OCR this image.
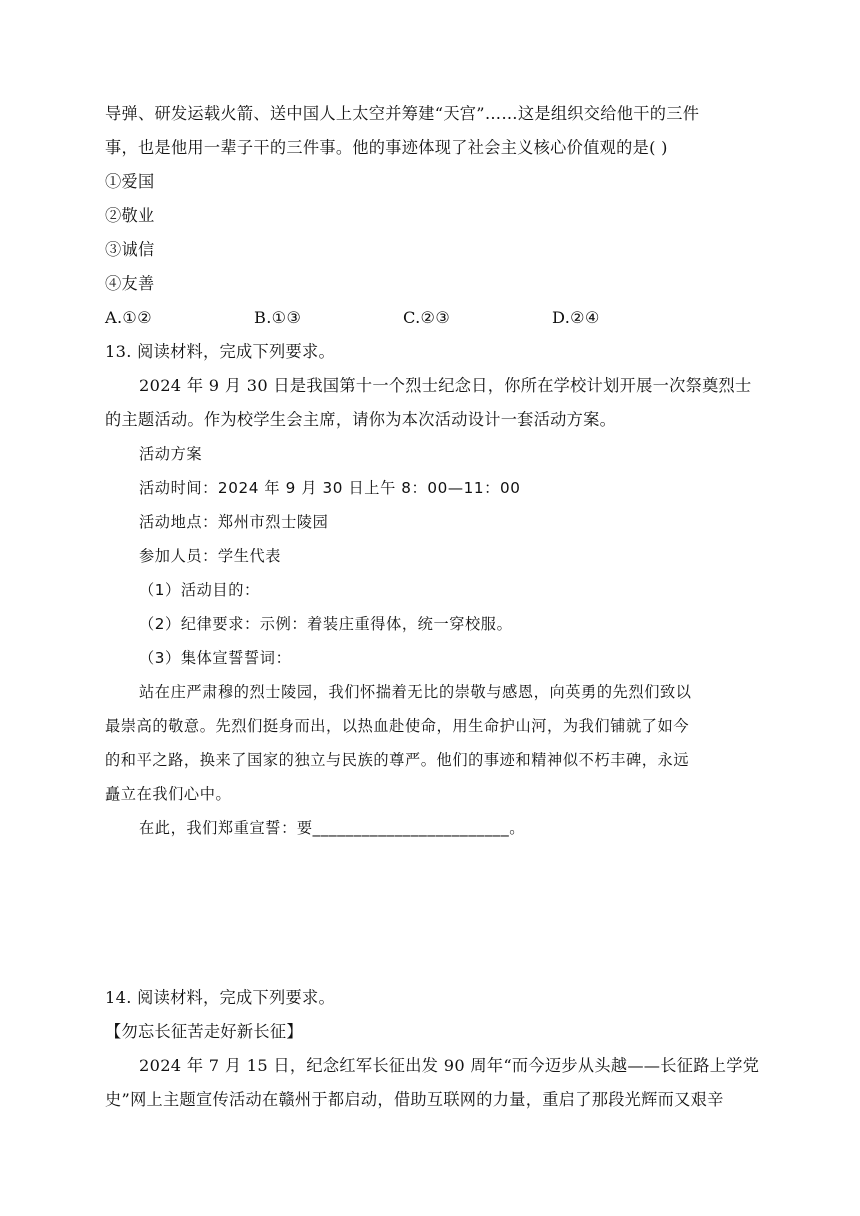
导弹、研发运载火箭、送中国人上太空并筹建“天宫”……这是组织交给他干的三件
事，也是他用一辈子干的三件事。他的事迹体现了社会主义核心价值观的是( )
①爱国
②敬业
③诚信
④友善
A.①②	B.①③	C.②③	D.②④
13. 阅读材料，完成下列要求。
2024 年 9 月 30 日是我国第十一个烈士纪念日，你所在学校计划开展一次祭奠烈士
的主题活动。作为校学生会主席，请你为本次活动设计一套活动方案。
活动方案
活动时间：2024 年 9 月 30 日上午 8：00—11：00
活动地点：郑州市烈士陵园
参加人员：学生代表
（1）活动目的：
（2）纪律要求：示例：着装庄重得体，统一穿校服。
（3）集体宣誓誓词：
站在庄严肃穆的烈士陵园，我们怀揣着无比的崇敬与感恩，向英勇的先烈们致以
最崇高的敬意。先烈们挺身而出，以热血赴使命，用生命护山河，为我们铺就了如今
的和平之路，换来了国家的独立与民族的尊严。他们的事迹和精神似不朽丰碑，永远
矗立在我们心中。
在此，我们郑重宣誓：要________________________。
14. 阅读材料，完成下列要求。
【勿忘长征苦走好新长征】
2024 年 7 月 15 日，纪念红军长征出发 90 周年“而今迈步从头越——长征路上学党
史”网上主题宣传活动在赣州于都启动，借助互联网的力量，重启了那段光辉而又艰辛
